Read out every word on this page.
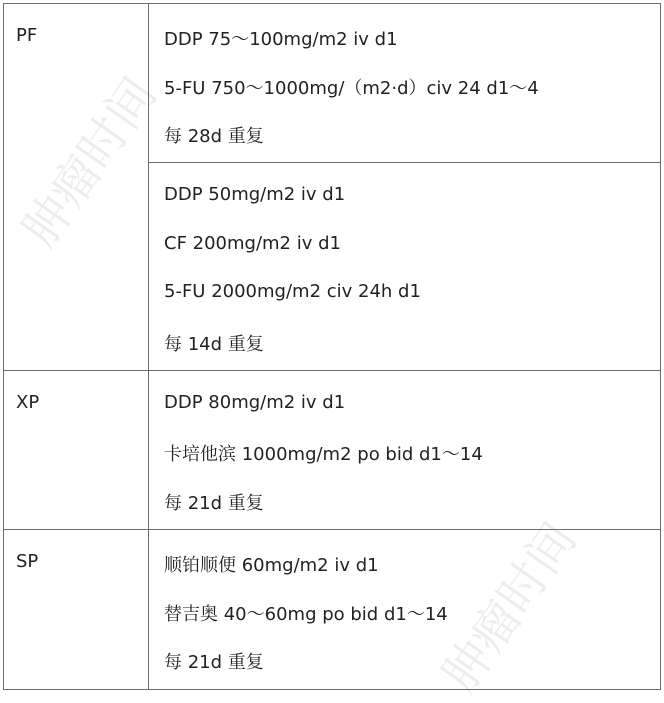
肿瘤时间
肿瘤时间
PF	DDP 75～100mg/m2 iv d1
5-FU 750～1000mg/（m2·d）civ 24 d1～4
每 28d 重复
DDP 50mg/m2 iv d1
CF 200mg/m2 iv d1
5-FU 2000mg/m2 civ 24h d1
每 14d 重复
XP	DDP 80mg/m2 iv d1
卡培他滨 1000mg/m2 po bid d1～14
每 21d 重复
SP	顺铂顺便 60mg/m2 iv d1
替吉奥 40～60mg po bid d1～14
每 21d 重复
